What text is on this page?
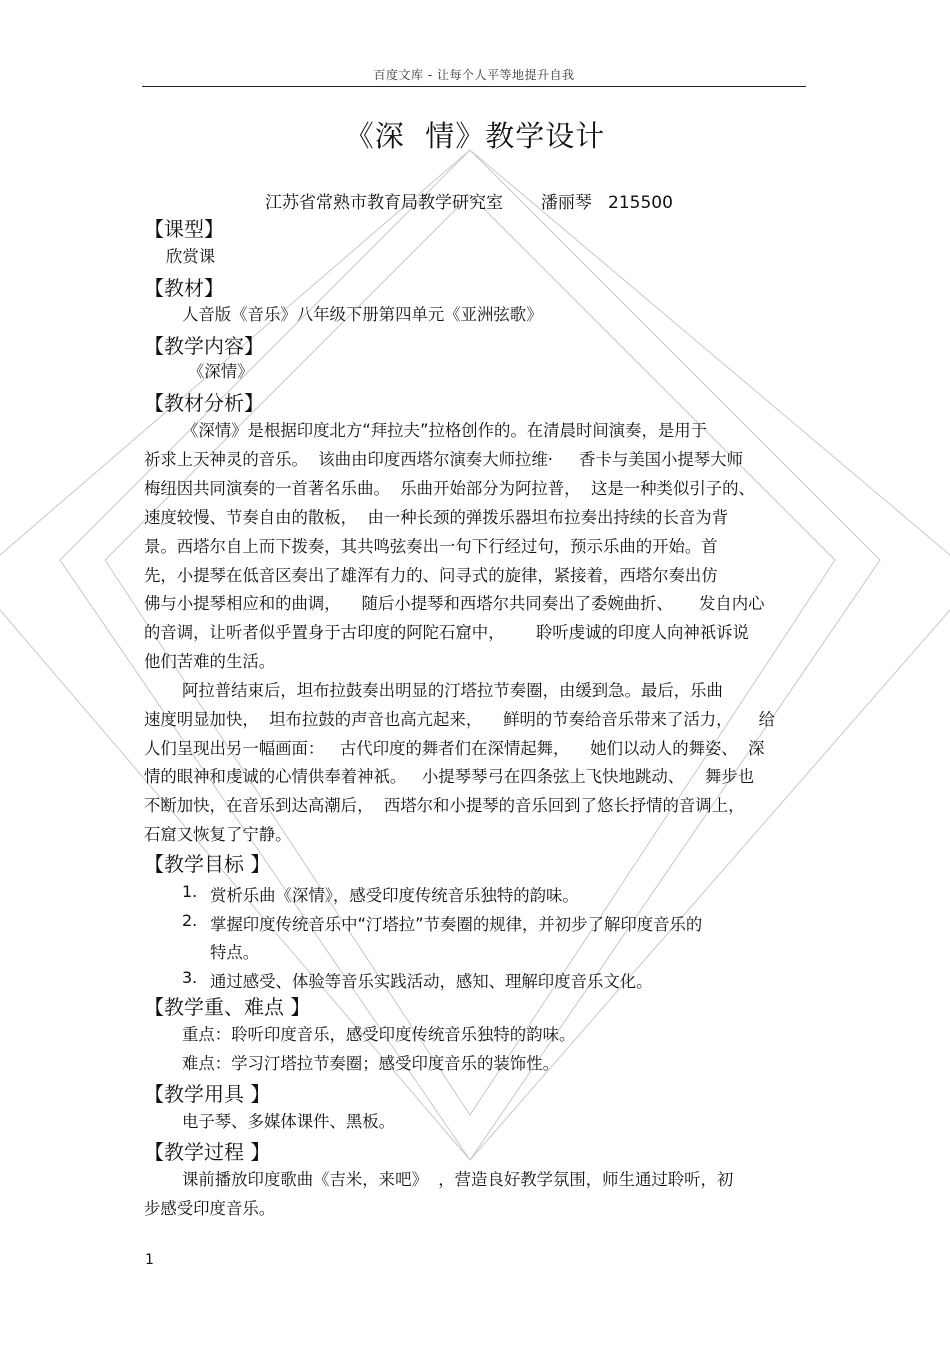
百度文库 - 让每个人平等地提升自我
《深  情》教学设计
江苏省常熟市教育局教学研究室       潘丽琴   215500
【课型】
欣赏课
【教材】
人音版《音乐》八年级下册第四单元《亚洲弦歌》
【教学内容】
《深情》
【教材分析】
《深情》是根据印度北方“拜拉夫”拉格创作的。在清晨时间演奏，是用于
祈求上天神灵的音乐。  该曲由印度西塔尔演奏大师拉维·     香卡与美国小提琴大师
梅纽因共同演奏的一首著名乐曲。  乐曲开始部分为阿拉普，  这是一种类似引子的、
速度较慢、节奏自由的散板，  由一种长颈的弹拨乐器坦布拉奏出持续的长音为背
景。西塔尔自上而下拨奏，其共鸣弦奏出一句下行经过句，预示乐曲的开始。首
先，小提琴在低音区奏出了雄浑有力的、问寻式的旋律，紧接着，西塔尔奏出仿
佛与小提琴相应和的曲调，    随后小提琴和西塔尔共同奏出了委婉曲折、     发自内心
的音调，让听者似乎置身于古印度的阿陀石窟中，      聆听虔诚的印度人向神祇诉说
他们苦难的生活。
阿拉普结束后，坦布拉鼓奏出明显的汀塔拉节奏圈，由缓到急。最后，乐曲
速度明显加快，  坦布拉鼓的声音也高亢起来，    鲜明的节奏给音乐带来了活力，     给
人们呈现出另一幅画面：   古代印度的舞者们在深情起舞，    她们以动人的舞姿、  深
情的眼神和虔诚的心情供奉着神祇。   小提琴琴弓在四条弦上飞快地跳动、    舞步也
不断加快，在音乐到达高潮后，  西塔尔和小提琴的音乐回到了悠长抒情的音调上，
石窟又恢复了宁静。
【教学目标 】
1. 赏析乐曲《深情》，感受印度传统音乐独特的韵味。
2. 掌握印度传统音乐中“汀塔拉”节奏圈的规律，并初步了解印度音乐的
特点。
3. 通过感受、体验等音乐实践活动，感知、理解印度音乐文化。
【教学重、难点 】
重点：聆听印度音乐，感受印度传统音乐独特的韵味。
难点：学习汀塔拉节奏圈；感受印度音乐的装饰性。
【教学用具 】
电子琴、多媒体课件、黑板。
【教学过程 】
课前播放印度歌曲《吉米，来吧》  ，营造良好教学氛围，师生通过聆听，初
步感受印度音乐。
1
